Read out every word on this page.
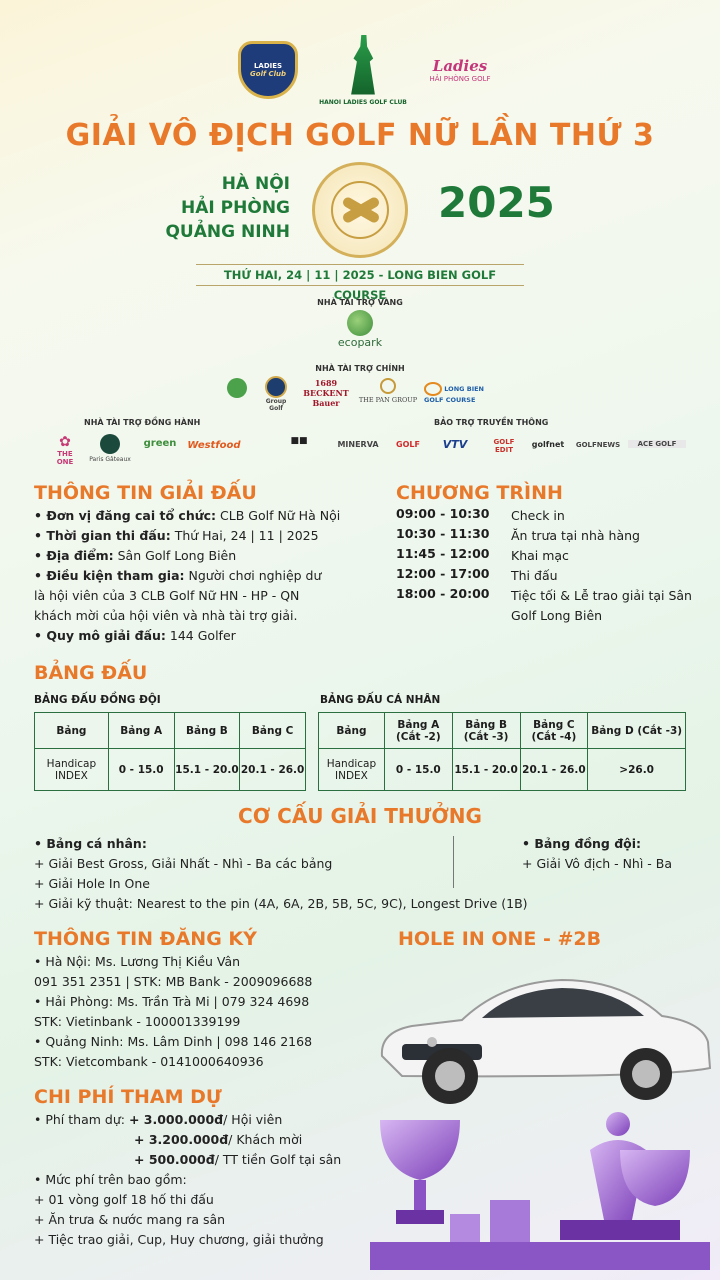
LADIES
Golf Club
HANOI LADIES GOLF CLUB
Ladies
HẢI PHÒNG GOLF
GIẢI VÔ ĐỊCH GOLF NỮ LẦN THỨ 3
HÀ NỘI
HẢI PHÒNG
QUẢNG NINH
2025
THỨ HAI, 24 | 11 | 2025 - LONG BIEN GOLF COURSE
NHÀ TÀI TRỢ VÀNG
ecopark
NHÀ TÀI TRỢ CHÍNH
Group Golf
1689 BECKENT Bauer	THE PAN GROUP
LONG BIEN GOLF COURSE
NHÀ TÀI TRỢ ĐỒNG HÀNH
✿
THE ONE	Paris Gâteaux
green	Westfood
BẢO TRỢ TRUYỀN THÔNG
■■	MINERVA	GOLF	VTV	GOLF EDIT
golfnet	GOLFNEWS	ACE GOLF
THÔNG TIN GIẢI ĐẤU
• Đơn vị đăng cai tổ chức: CLB Golf Nữ Hà Nội
• Thời gian thi đấu: Thứ Hai, 24 | 11 | 2025
• Địa điểm: Sân Golf Long Biên
• Điều kiện tham gia: Người chơi nghiệp dư
là hội viên của 3 CLB Golf Nữ HN - HP - QN
khách mời của hội viên và nhà tài trợ giải.
• Quy mô giải đấu: 144 Golfer
CHƯƠNG TRÌNH
09:00 - 10:30	Check in
10:30 - 11:30	Ăn trưa tại nhà hàng
11:45 - 12:00	Khai mạc
12:00 - 17:00	Thi đấu
18:00 - 20:00	Tiệc tối & Lễ trao giải tại Sân Golf Long Biên
BẢNG ĐẤU
BẢNG ĐẤU ĐỒNG ĐỘI
Bảng	Bảng A	Bảng B	Bảng C
Handicap INDEX	0 - 15.0	15.1 - 20.0	20.1 - 26.0
BẢNG ĐẤU CÁ NHÂN
Bảng	Bảng A (Cắt -2)	Bảng B (Cắt -3)	Bảng C (Cắt -4)	Bảng D (Cắt -3)
Handicap INDEX	0 - 15.0	15.1 - 20.0	20.1 - 26.0	>26.0
CƠ CẤU GIẢI THƯỞNG
• Bảng cá nhân:
+ Giải Best Gross, Giải Nhất - Nhì - Ba các bảng
+ Giải Hole In One
+ Giải kỹ thuật: Nearest to the pin (4A, 6A, 2B, 5B, 5C, 9C), Longest Drive (1B)
• Bảng đồng đội:
+ Giải Vô địch - Nhì - Ba
THÔNG TIN ĐĂNG KÝ
• Hà Nội: Ms. Lương Thị Kiều Vân
091 351 2351 | STK: MB Bank - 2009096688
• Hải Phòng: Ms. Trần Trà Mi | 079 324 4698
STK: Vietinbank - 100001339199
• Quảng Ninh: Ms. Lâm Dinh | 098 146 2168
STK: Vietcombank - 0141000640936
HOLE IN ONE - #2B
CHI PHÍ THAM DỰ
• Phí tham dự: + 3.000.000đ/ Hội viên
+ 3.200.000đ/ Khách mời
+ 500.000đ/ TT tiền Golf tại sân
• Mức phí trên bao gồm:
+ 01 vòng golf 18 hố thi đấu
+ Ăn trưa & nước mang ra sân
+ Tiệc trao giải, Cup, Huy chương, giải thưởng
